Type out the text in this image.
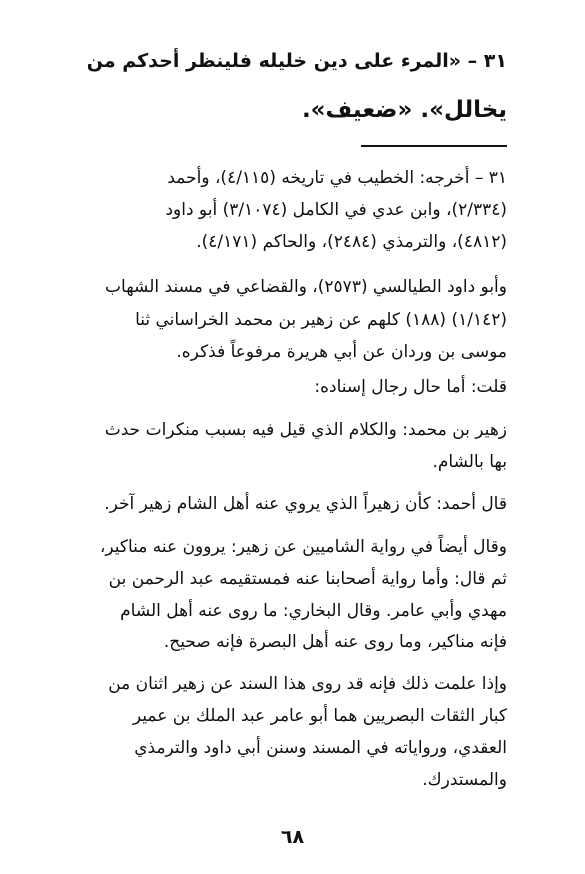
٣١ – «المرء على دين خليله فلينظر أحدكم من
يخالل». «ضعيف».
٣١ – أخرجه: الخطيب في تاريخه (٤/١١٥)، وأحمد
(٢/٣٣٤)، وابن عدي في الكامل (٣/١٠٧٤) أبو داود
(٤٨١٢)، والترمذي (٢٤٨٤)، والحاكم (٤/١٧١).
وأبو داود الطيالسي (٢٥٧٣)، والقضاعي في مسند الشهاب
(١/١٤٢) (١٨٨) كلهم عن زهير بن محمد الخراساني ثنا
موسى بن وردان عن أبي هريرة مرفوعاً فذكره.
قلت: أما حال رجال إسناده:
زهير بن محمد: والكلام الذي قيل فيه بسبب منكرات حدث
بها بالشام.
قال أحمد: كأن زهيراً الذي يروي عنه أهل الشام زهير آخر.
وقال أيضاً في رواية الشاميين عن زهير: يروون عنه مناكير،
ثم قال: وأما رواية أصحابنا عنه فمستقيمه عبد الرحمن بن
مهدي وأبي عامر. وقال البخاري: ما روى عنه أهل الشام
فإنه مناكير، وما روى عنه أهل البصرة فإنه صحيح.
وإذا علمت ذلك فإنه قد روى هذا السند عن زهير اثنان من
كبار الثقات البصريين هما أبو عامر عبد الملك بن عمير
العقدي، ورواياته في المسند وسنن أبي داود والترمذي
والمستدرك.
٦٨
